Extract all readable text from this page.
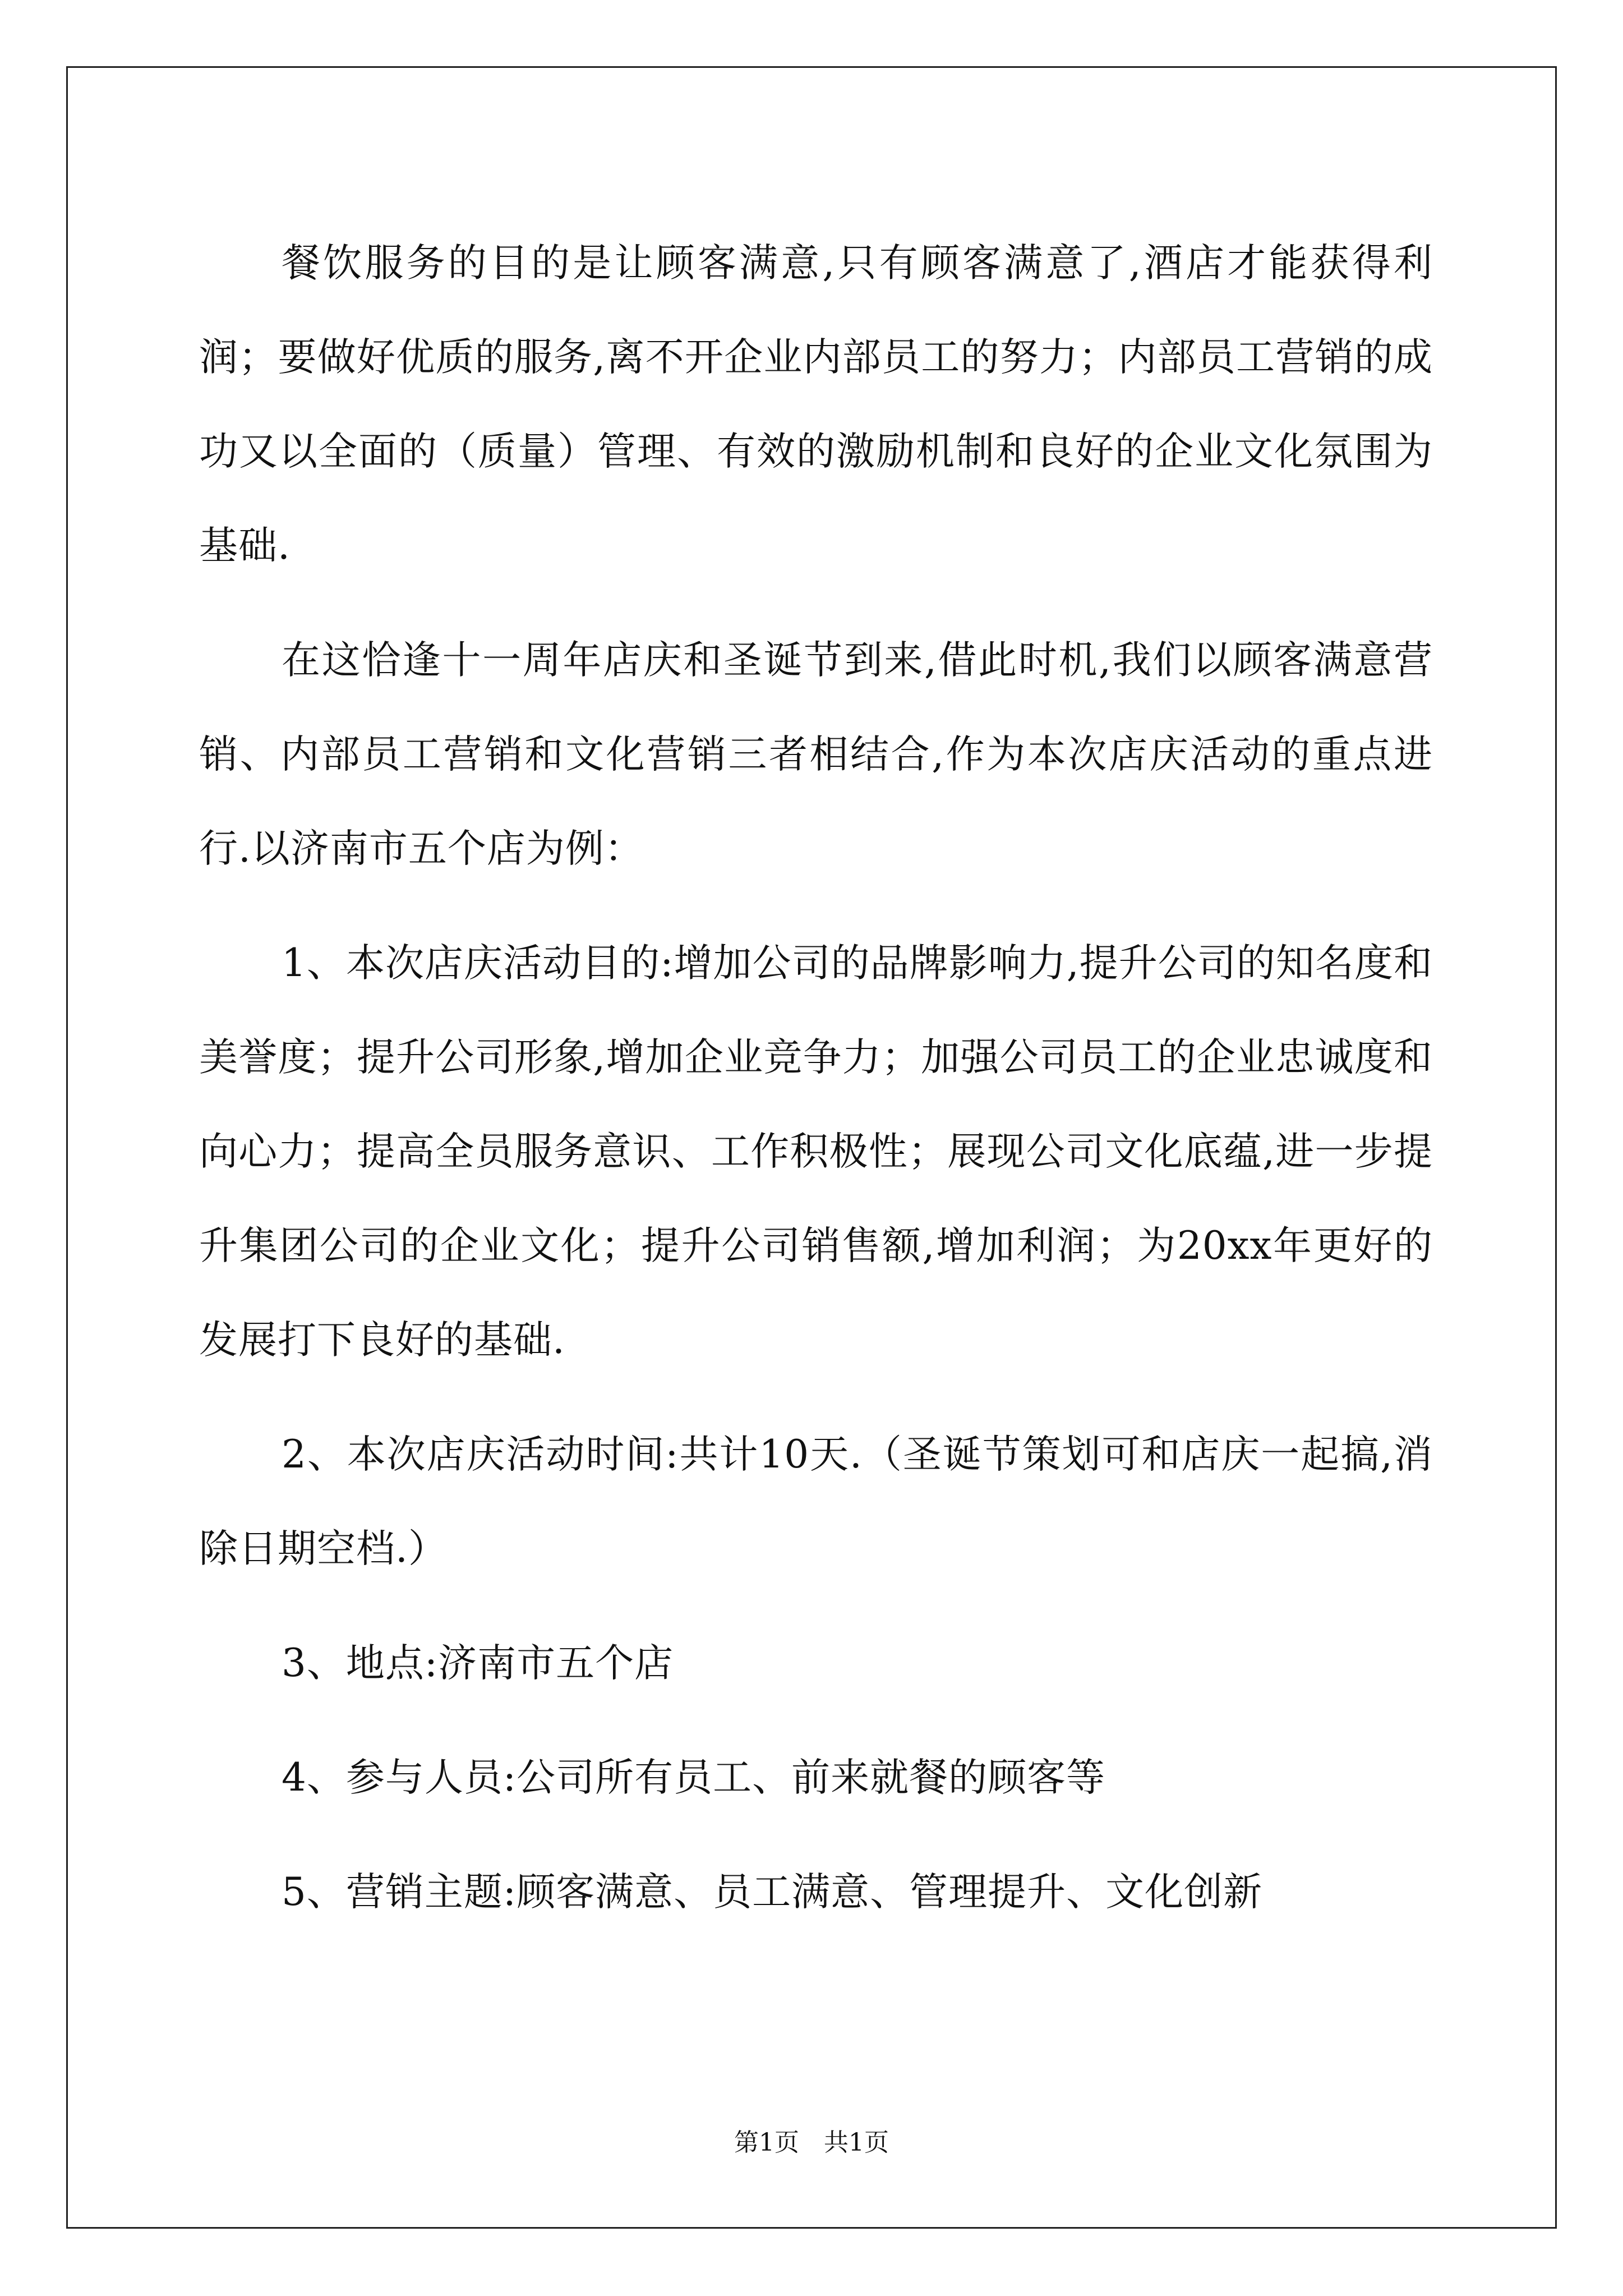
餐饮服务的目的是让顾客满意,只有顾客满意了,酒店才能获得利润；要做好优质的服务,离不开企业内部员工的努力；内部员工营销的成功又以全面的（质量）管理、有效的激励机制和良好的企业文化氛围为基础.

在这恰逢十一周年店庆和圣诞节到来,借此时机,我们以顾客满意营销、内部员工营销和文化营销三者相结合,作为本次店庆活动的重点进行.以济南市五个店为例：

1、本次店庆活动目的:增加公司的品牌影响力,提升公司的知名度和美誉度；提升公司形象,增加企业竞争力；加强公司员工的企业忠诚度和向心力；提高全员服务意识、工作积极性；展现公司文化底蕴,进一步提升集团公司的企业文化；提升公司销售额,增加利润；为20xx年更好的发展打下良好的基础.

2、本次店庆活动时间:共计10天.（圣诞节策划可和店庆一起搞,消除日期空档.）

3、地点:济南市五个店

4、参与人员:公司所有员工、前来就餐的顾客等

5、营销主题:顾客满意、员工满意、管理提升、文化创新

第1页　共1页
